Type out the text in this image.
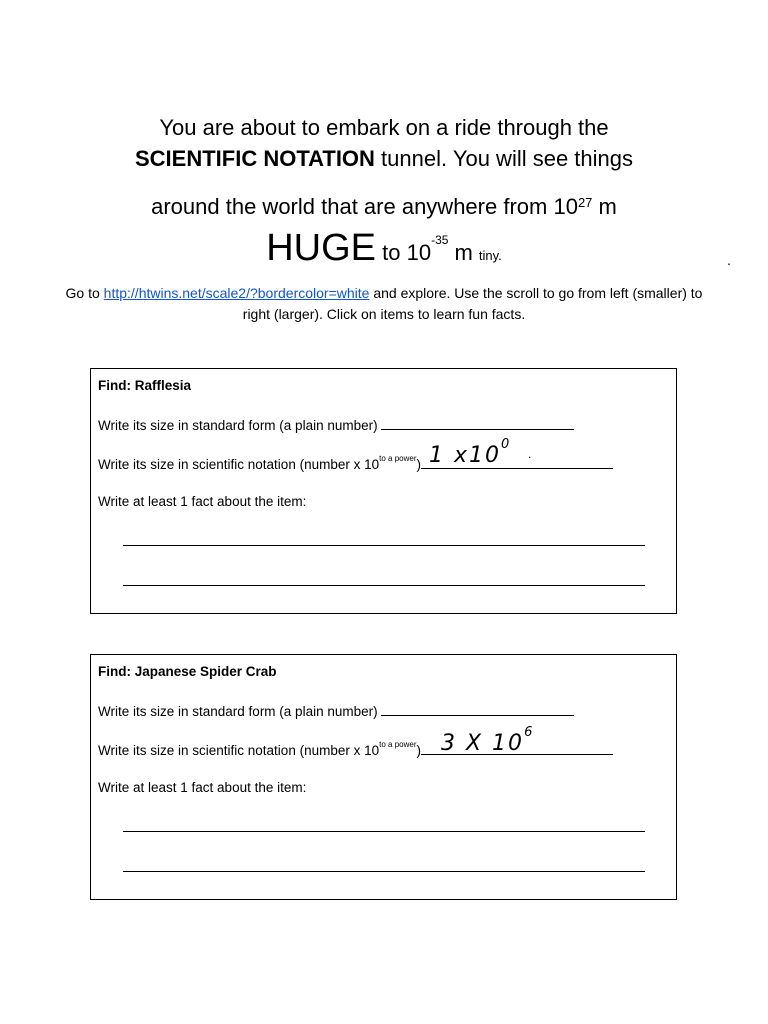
You are about to embark on a ride through the
SCIENTIFIC NOTATION tunnel. You will see things
around the world that are anywhere from $10^{27}$ m
HUGE to $10^{-35}$ m tiny.	.
Go to http://htwins.net/scale2/?bordercolor=white and explore. Use the scroll to go from left (smaller) to right (larger). Click on items to learn fun facts.
Find: Rafflesia
Write its size in standard form (a plain number)
Write its size in scientific notation (number x $10^{to a power}$) 1 $x10^0$
.
Write at least 1 fact about the item:
Find: Japanese Spider Crab
Write its size in standard form (a plain number)
Write its size in scientific notation (number x $10^{to a power}$) 3 X $10^6$
Write at least 1 fact about the item:
